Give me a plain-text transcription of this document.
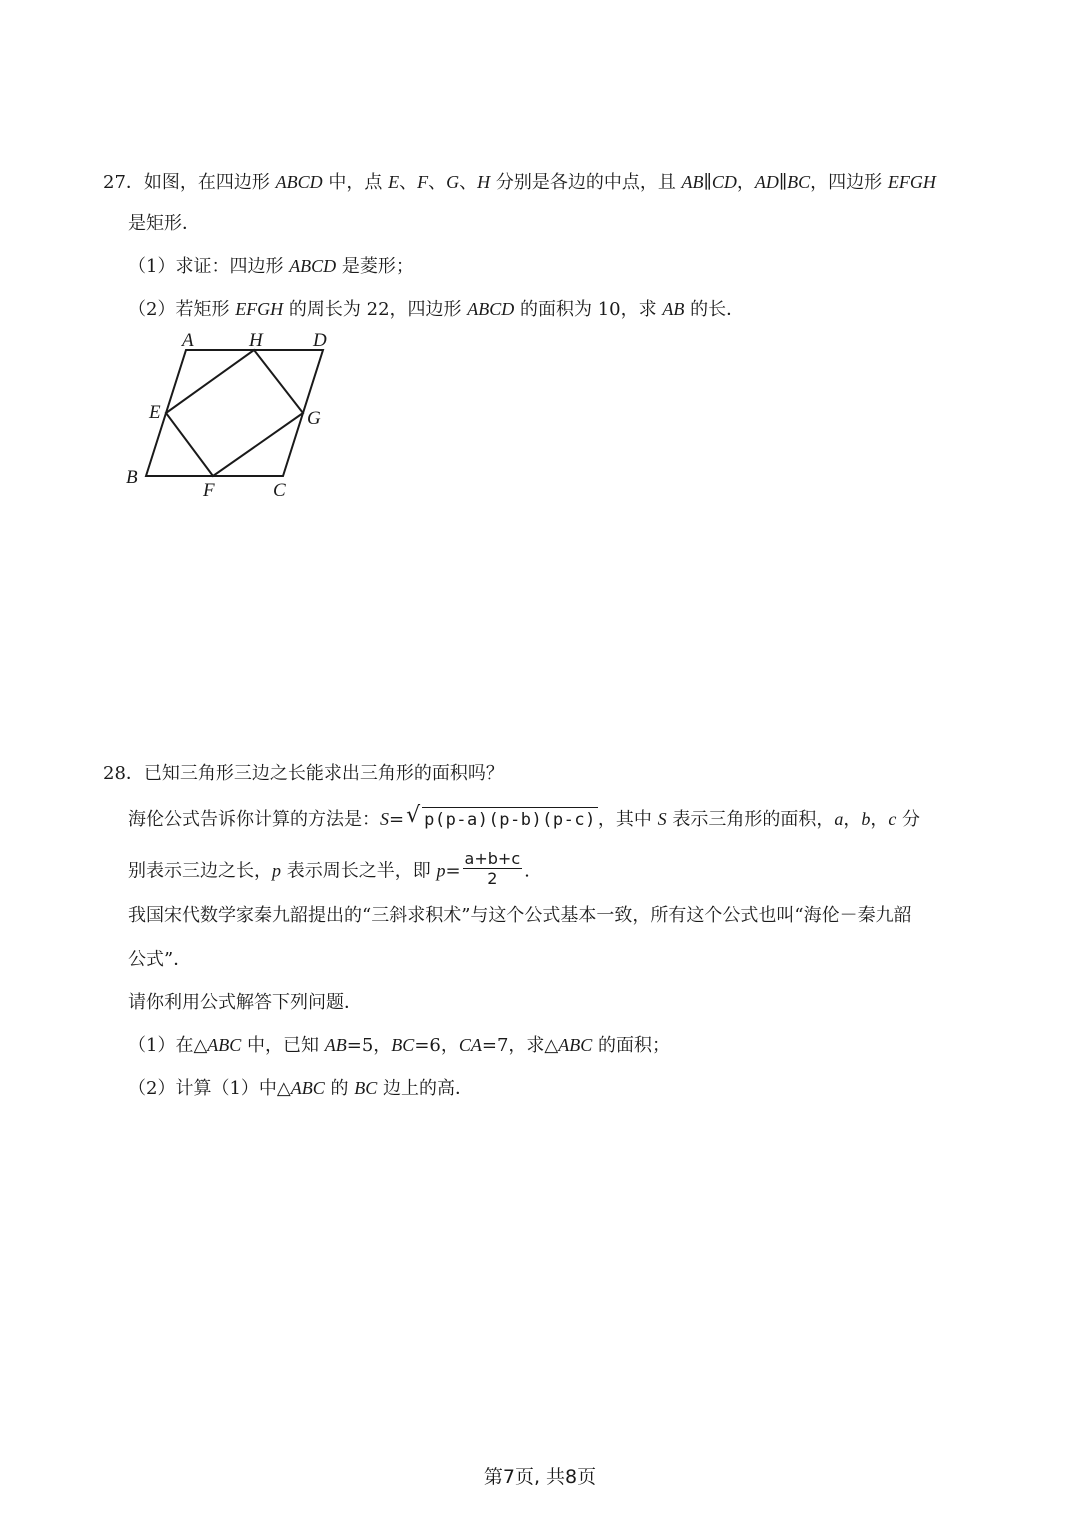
27．如图，在四边形 ABCD 中，点 E、F、G、H 分别是各边的中点，且 AB∥CD，AD∥BC，四边形 EFGH
是矩形．
（1）求证：四边形 ABCD 是菱形；
（2）若矩形 EFGH 的周长为 22，四边形 ABCD 的面积为 10，求 AB 的长．
A	H	D
E	G
B
F	C
28．已知三角形三边之长能求出三角形的面积吗？
海伦公式告诉你计算的方法是：S= √ p(p-a)(p-b)(p-c) ，其中 S 表示三角形的面积，a，b，c 分
别表示三边之长，p 表示周长之半，即 $p= \frac{a+b+c}{2}$ .
我国宋代数学家秦九韶提出的“三斜求积术”与这个公式基本一致，所有这个公式也叫“海伦－秦九韶
公式”．
请你利用公式解答下列问题．
（1）在△ABC 中，已知 AB=5，BC=6，CA=7，求△ABC 的面积；
（2）计算（1）中△ABC 的 BC 边上的高．
第7页, 共8页
